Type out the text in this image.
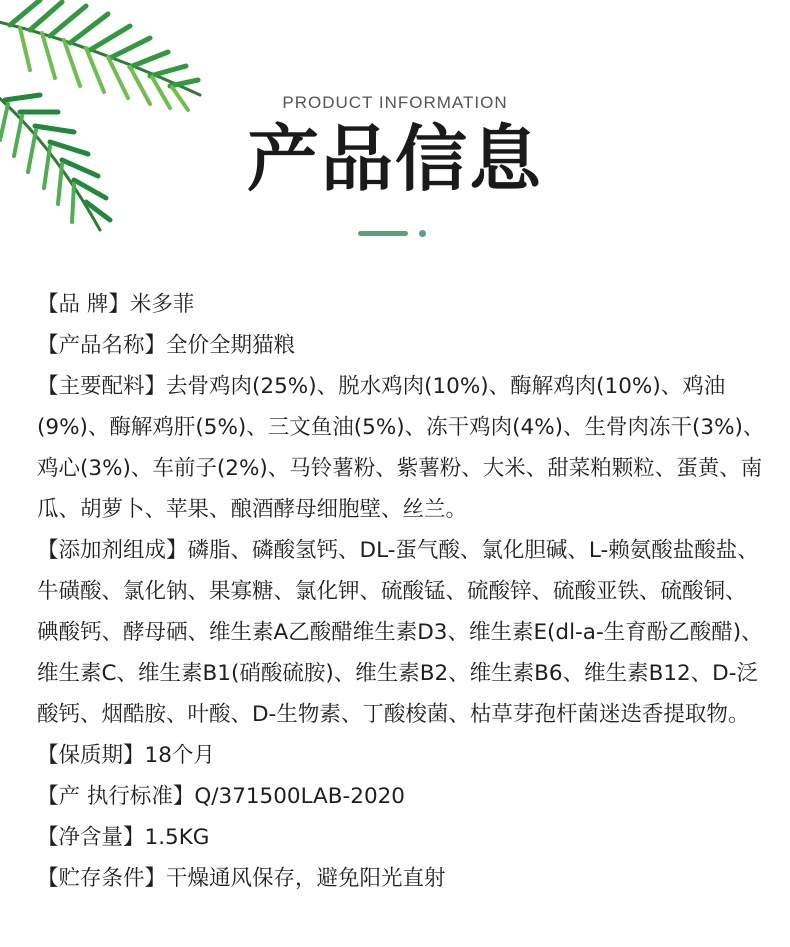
PRODUCT INFORMATION
产品信息

【品 牌】米多菲

【产品名称】全价全期猫粮

【主要配料】去骨鸡肉(25%)、脱水鸡肉(10%)、酶解鸡肉(10%)、鸡油(9%)、酶解鸡肝(5%)、三文鱼油(5%)、冻干鸡肉(4%)、生骨肉冻干(3%)、鸡心(3%)、车前子(2%)、马铃薯粉、紫薯粉、大米、甜菜粕颗粒、蛋黄、南瓜、胡萝卜、苹果、酿酒酵母细胞壁、丝兰。

【添加剂组成】磷脂、磷酸氢钙、DL-蛋气酸、氯化胆碱、L-赖氨酸盐酸盐、牛磺酸、氯化钠、果寡糖、氯化钾、硫酸锰、硫酸锌、硫酸亚铁、硫酸铜、碘酸钙、酵母硒、维生素A乙酸醋维生素D3、维生素E(dl-a-生育酚乙酸醋)、维生素C、维生素B1(硝酸硫胺)、维生素B2、维生素B6、维生素B12、D-泛酸钙、烟酷胺、叶酸、D-生物素、丁酸梭菌、枯草芽孢杆菌迷迭香提取物。

【保质期】18个月

【产 执行标准】Q/371500LAB-2020

【净含量】1.5KG

【贮存条件】干燥通风保存，避免阳光直射
